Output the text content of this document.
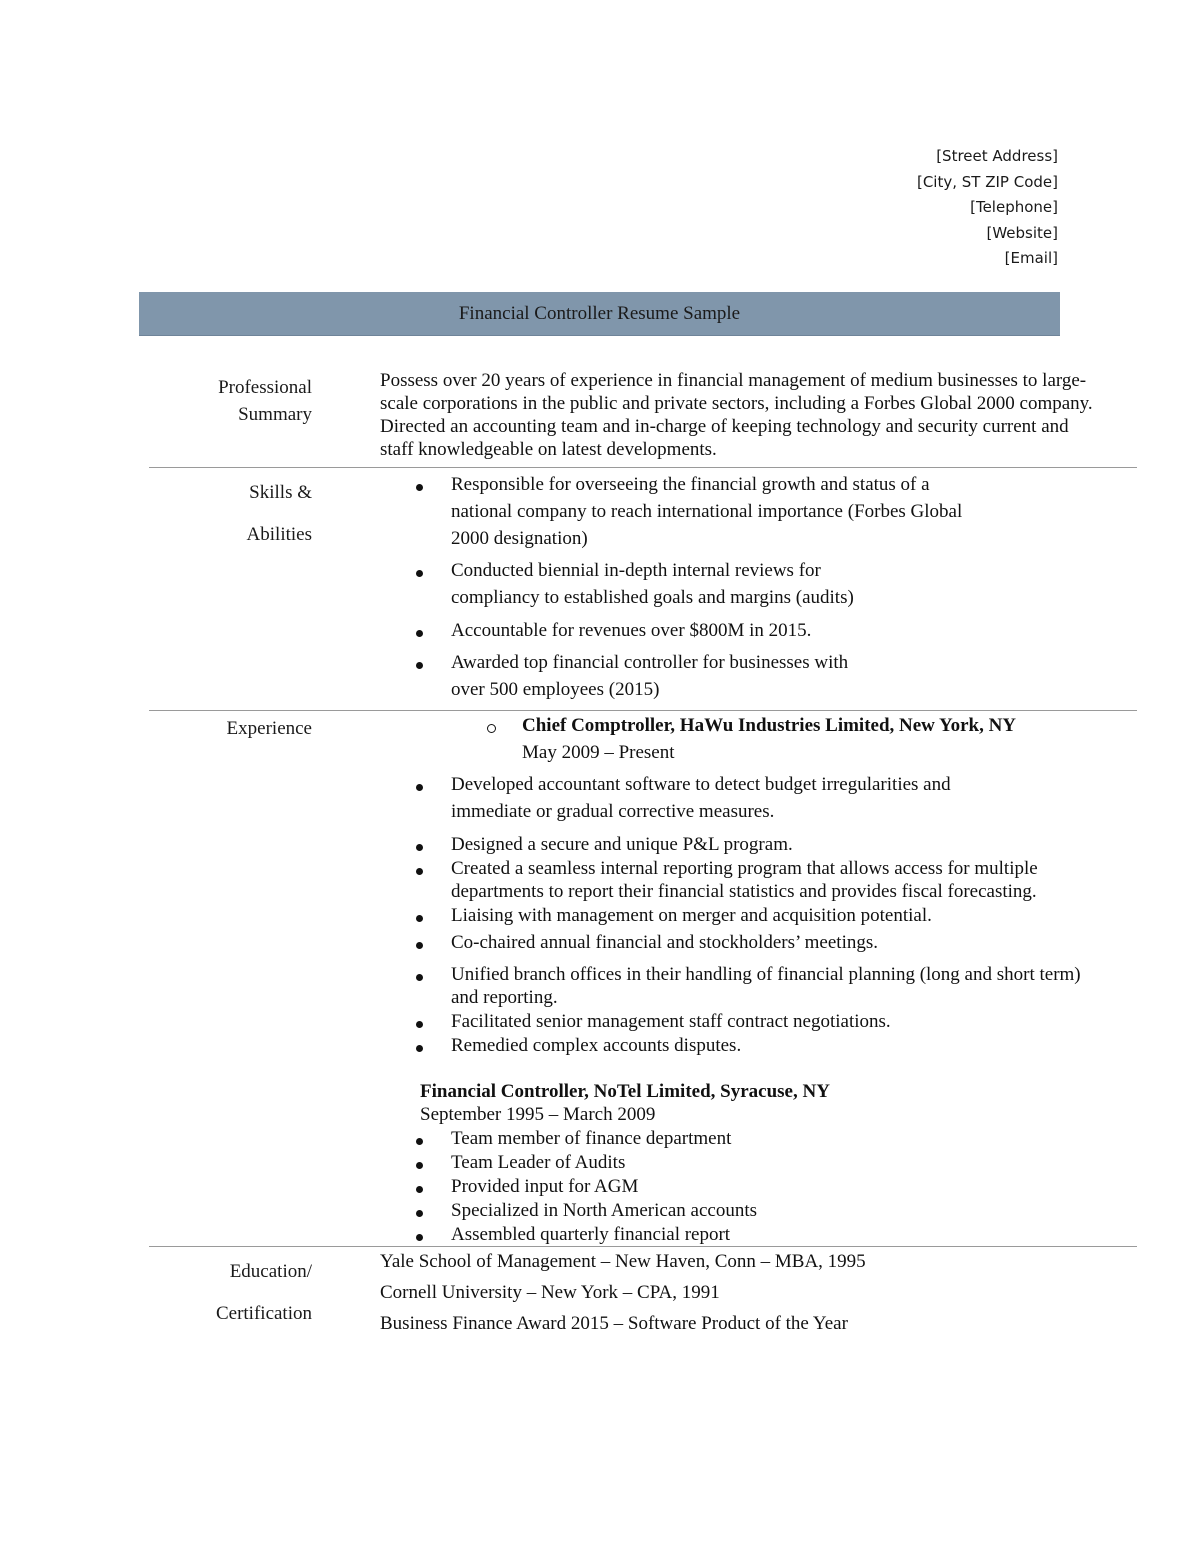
[Street Address]
[City, ST ZIP Code]
[Telephone]
[Website]
[Email]
Financial Controller Resume Sample
Professional
Summary
Possess over 20 years of experience in financial management of medium businesses to large-
scale corporations in the public and private sectors, including a Forbes Global 2000 company.
Directed an accounting team and in-charge of keeping technology and security current and
staff knowledgeable on latest developments.
Skills &
Abilities
Responsible for overseeing the financial growth and status of a
national company to reach international importance (Forbes Global
2000 designation)
Conducted biennial in-depth internal reviews for
compliancy to established goals and margins (audits)
Accountable for revenues over $800M in 2015.
Awarded top financial controller for businesses with
over 500 employees (2015)
Experience	Chief Comptroller, HaWu Industries Limited, New York, NY
May 2009 – Present
Developed accountant software to detect budget irregularities and
immediate or gradual corrective measures.
Designed a secure and unique P&L program.
Created a seamless internal reporting program that allows access for multiple
departments to report their financial statistics and provides fiscal forecasting.
Liaising with management on merger and acquisition potential.
Co-chaired annual financial and stockholders’ meetings.
Unified branch offices in their handling of financial planning (long and short term)
and reporting.
Facilitated senior management staff contract negotiations.
Remedied complex accounts disputes.
Financial Controller, NoTel Limited, Syracuse, NY
September 1995 – March 2009
Team member of finance department
Team Leader of Audits
Provided input for AGM
Specialized in North American accounts
Assembled quarterly financial report
Education/
Certification
Yale School of Management – New Haven, Conn – MBA, 1995
Cornell University – New York – CPA, 1991
Business Finance Award 2015 – Software Product of the Year
